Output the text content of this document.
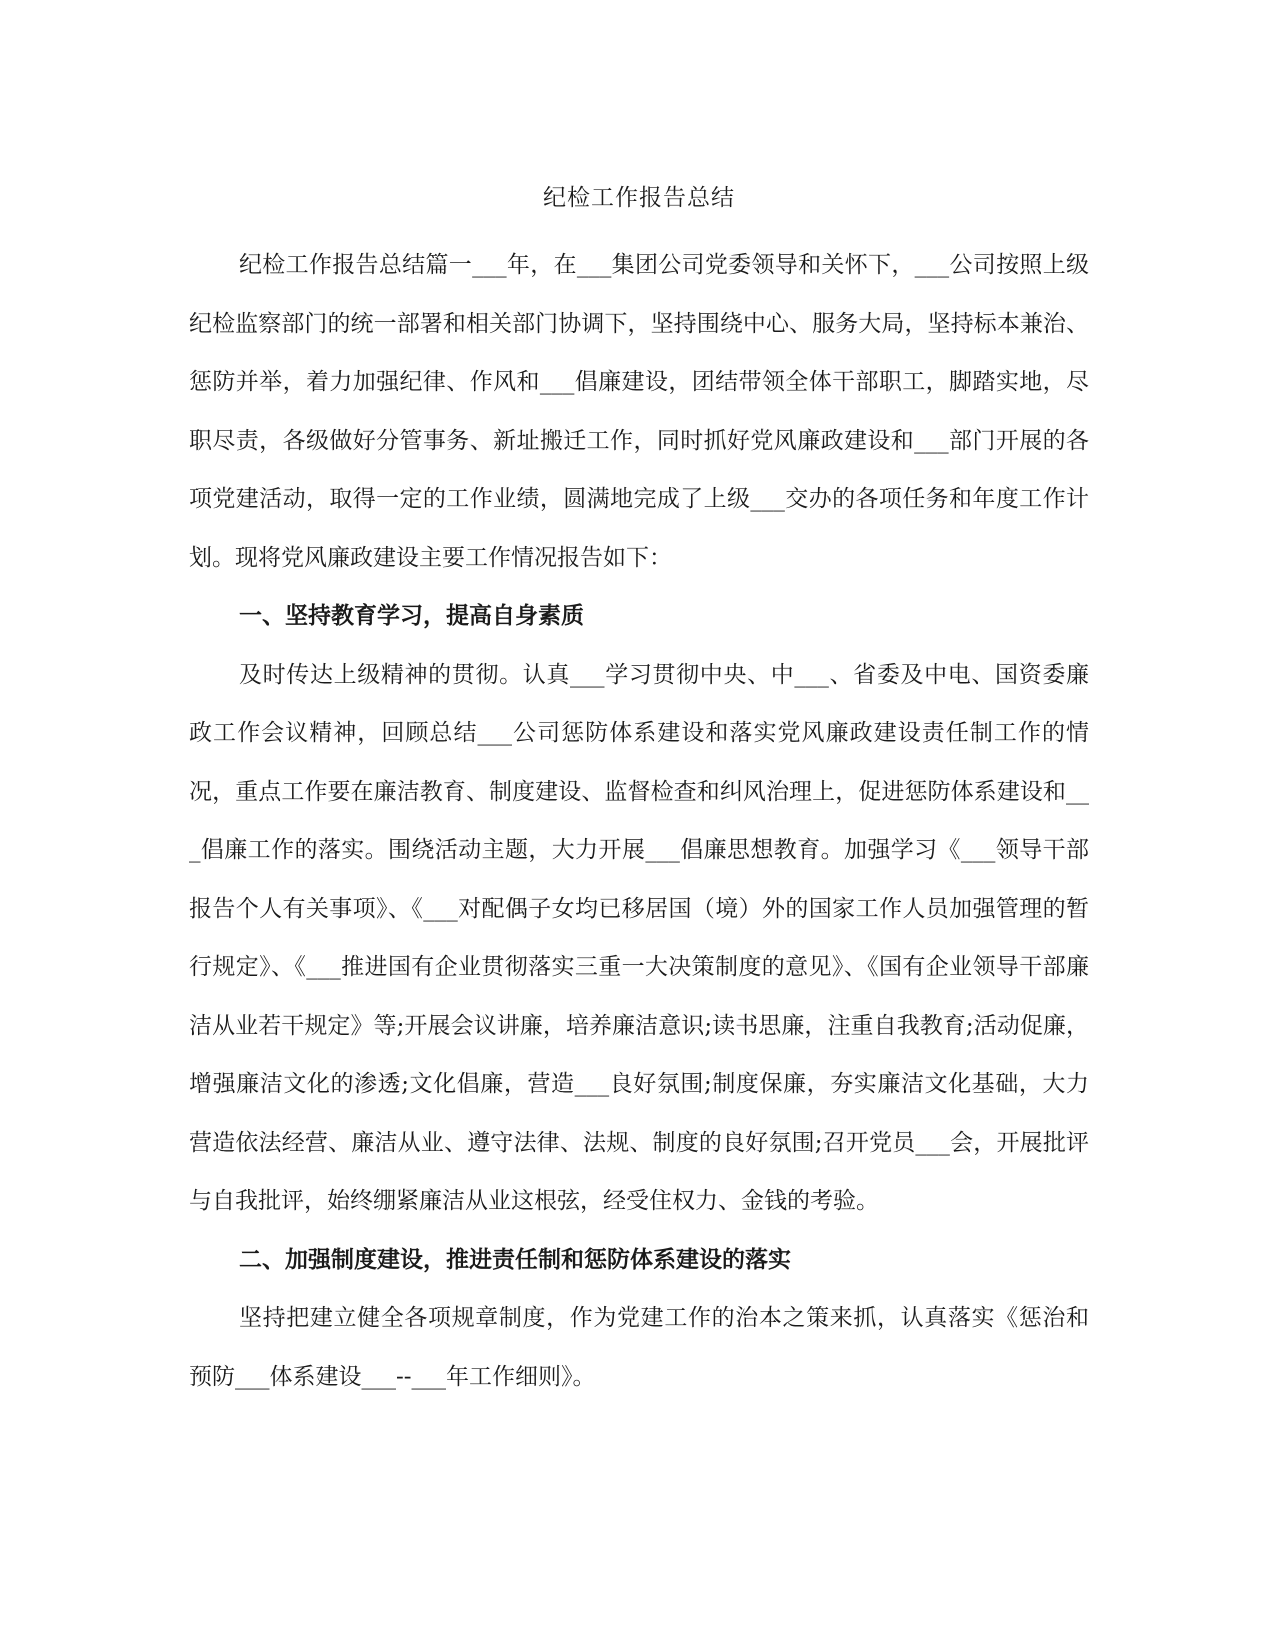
纪检工作报告总结

纪检工作报告总结篇一___年，在___集团公司党委领导和关怀下，___公司按照上级纪检监察部门的统一部署和相关部门协调下，坚持围绕中心、服务大局，坚持标本兼治、惩防并举，着力加强纪律、作风和___倡廉建设，团结带领全体干部职工，脚踏实地，尽职尽责，各级做好分管事务、新址搬迁工作，同时抓好党风廉政建设和___部门开展的各项党建活动，取得一定的工作业绩，圆满地完成了上级___交办的各项任务和年度工作计划。现将党风廉政建设主要工作情况报告如下：

一、坚持教育学习，提高自身素质

及时传达上级精神的贯彻。认真___学习贯彻中央、中___、省委及中电、国资委廉政工作会议精神，回顾总结___公司惩防体系建设和落实党风廉政建设责任制工作的情况，重点工作要在廉洁教育、制度建设、监督检查和纠风治理上，促进惩防体系建设和___倡廉工作的落实。围绕活动主题，大力开展___倡廉思想教育。加强学习《___领导干部报告个人有关事项》、《___对配偶子女均已移居国（境）外的国家工作人员加强管理的暂行规定》、《___推进国有企业贯彻落实三重一大决策制度的意见》、《国有企业领导干部廉洁从业若干规定》等;开展会议讲廉，培养廉洁意识;读书思廉，注重自我教育;活动促廉，增强廉洁文化的渗透;文化倡廉，营造___良好氛围;制度保廉，夯实廉洁文化基础，大力营造依法经营、廉洁从业、遵守法律、法规、制度的良好氛围;召开党员___会，开展批评与自我批评，始终绷紧廉洁从业这根弦，经受住权力、金钱的考验。

二、加强制度建设，推进责任制和惩防体系建设的落实

坚持把建立健全各项规章制度，作为党建工作的治本之策来抓，认真落实《惩治和预防___体系建设___--___年工作细则》。
